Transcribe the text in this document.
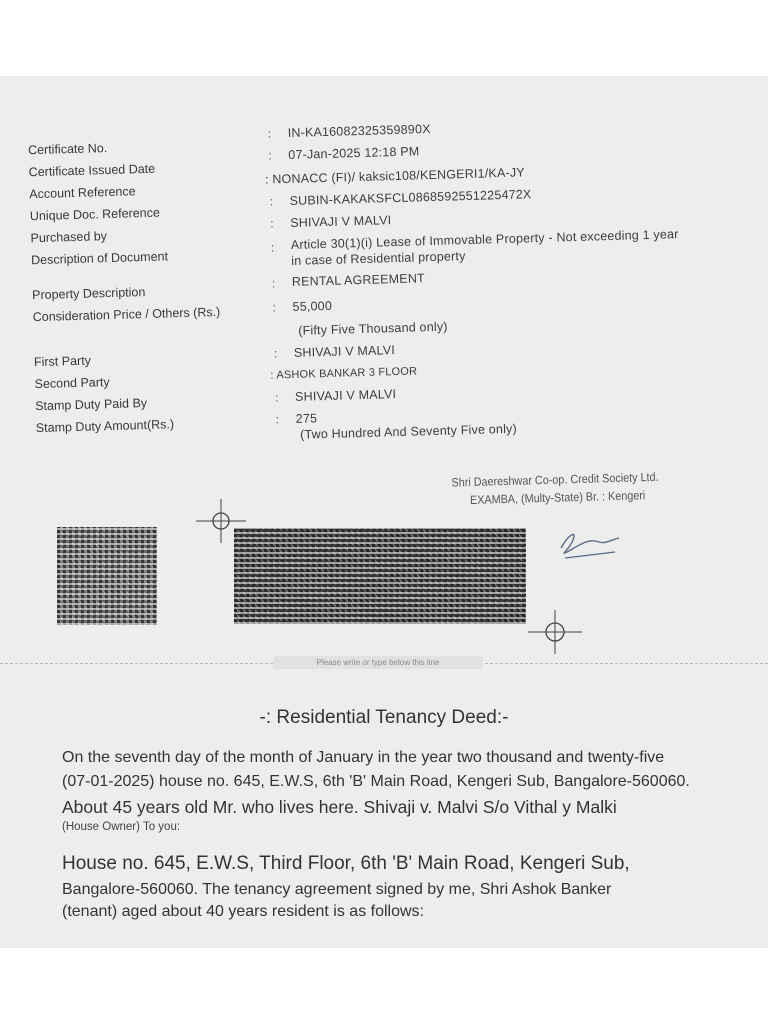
Certificate No.
Certificate Issued Date
Account Reference
Unique Doc. Reference
Purchased by
Description of Document
Property Description
Consideration Price / Others (Rs.)
First Party
Second Party
Stamp Duty Paid By
Stamp Duty Amount(Rs.)
:
:
:
:
:
:
:
:
:
:
IN-KA16082325359890X
07-Jan-2025 12:18 PM
: NONACC (FI)/ kaksic108/KENGERI1/KA-JY
SUBIN-KAKAKSFCL0868592551225472X
SHIVAJI V MALVI
Article 30(1)(i) Lease of Immovable Property - Not exceeding 1 year
in case of Residential property
RENTAL AGREEMENT
55,000
(Fifty Five Thousand only)
SHIVAJI V MALVI
: ASHOK BANKAR 3 FLOOR
SHIVAJI V MALVI
275
(Two Hundred And Seventy Five only)
Shri Daereshwar Co-op. Credit Society Ltd.
EXAMBA, (Multy-State) Br. : Kengeri
Please write or type below this line
-: Residential Tenancy Deed:-
On the seventh day of the month of January in the year two thousand and twenty-five
(07-01-2025) house no. 645, E.W.S, 6th 'B' Main Road, Kengeri Sub, Bangalore-560060.
About 45 years old Mr. who lives here. Shivaji v. Malvi S/o Vithal y Malki
(House Owner) To you:
House no. 645, E.W.S, Third Floor, 6th 'B' Main Road, Kengeri Sub,
Bangalore-560060. The tenancy agreement signed by me, Shri Ashok Banker
(tenant) aged about 40 years resident is as follows:
